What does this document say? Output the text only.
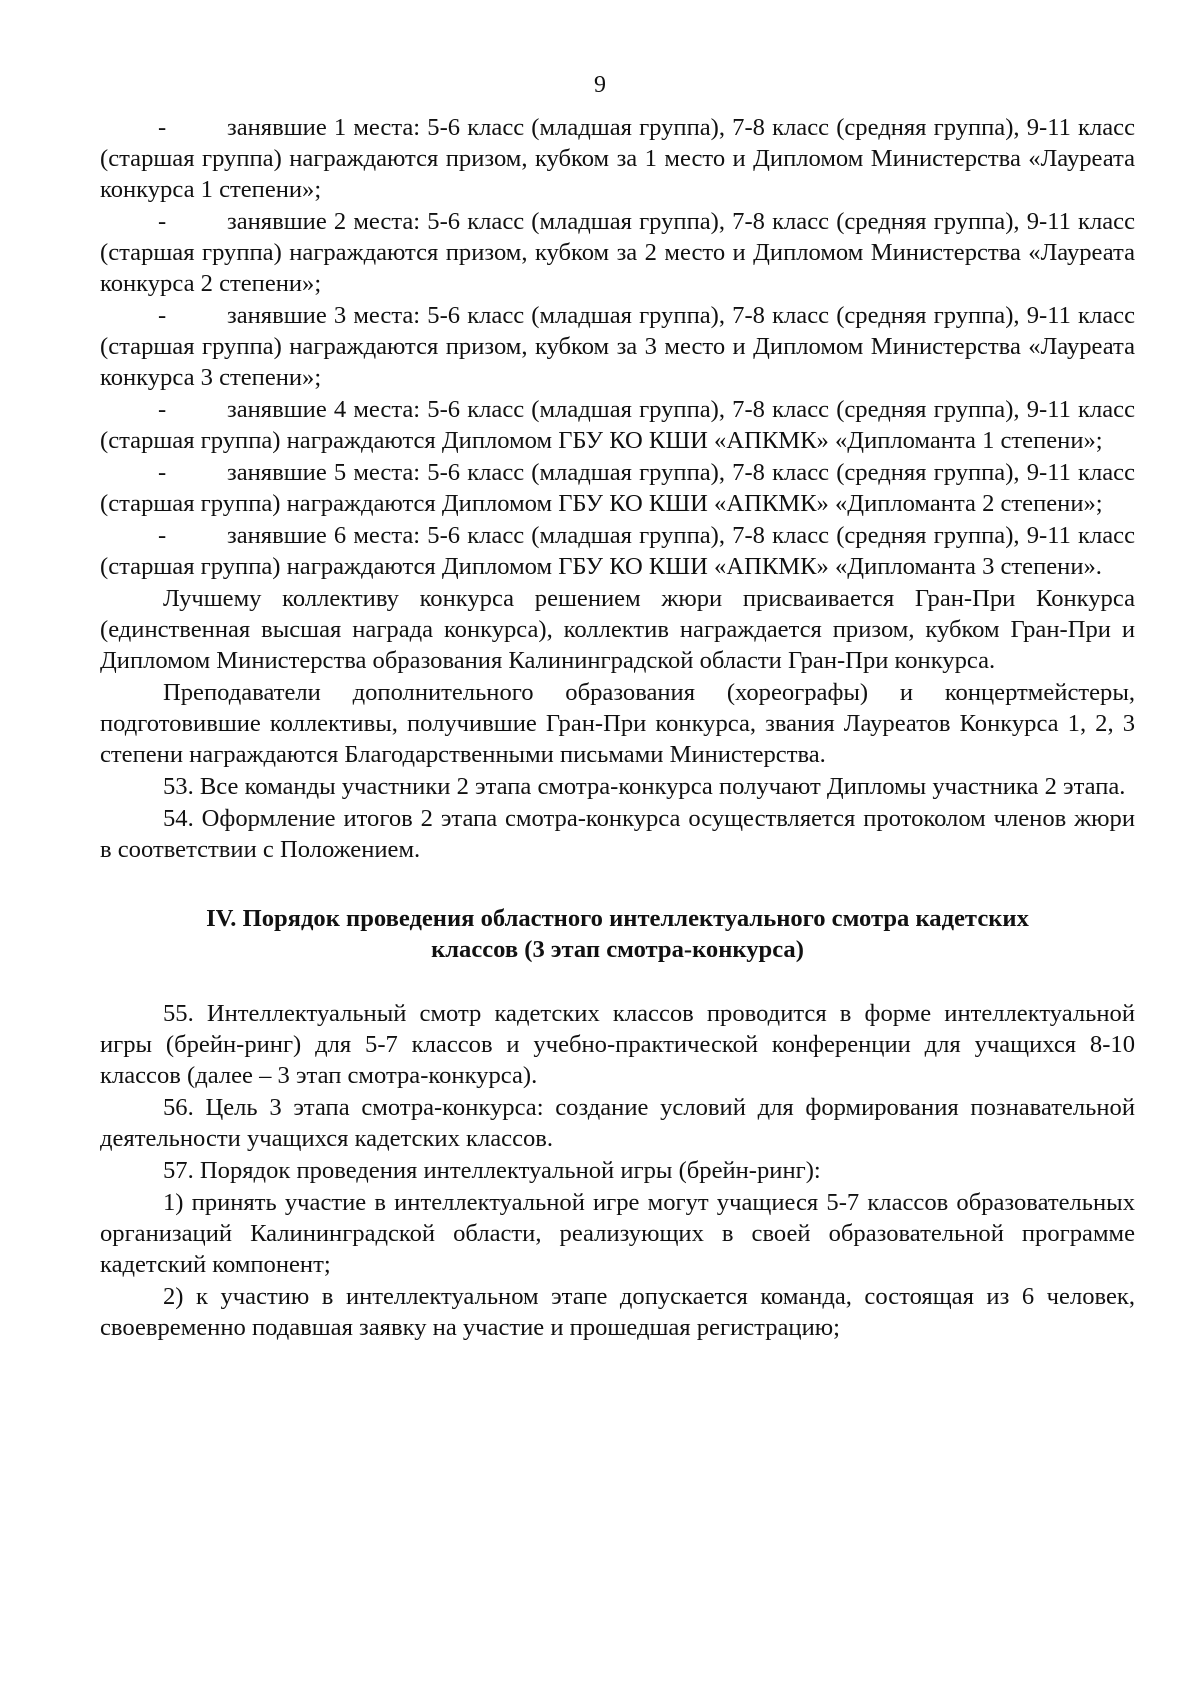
9

- занявшие 1 места: 5-6 класс (младшая группа), 7-8 класс (средняя группа), 9-11 класс (старшая группа) награждаются призом, кубком за 1 место и Дипломом Министерства «Лауреата конкурса 1 степени»;

- занявшие 2 места: 5-6 класс (младшая группа), 7-8 класс (средняя группа), 9-11 класс (старшая группа) награждаются призом, кубком за 2 место и Дипломом Министерства «Лауреата конкурса 2 степени»;

- занявшие 3 места: 5-6 класс (младшая группа), 7-8 класс (средняя группа), 9-11 класс (старшая группа) награждаются призом, кубком за 3 место и Дипломом Министерства «Лауреата конкурса 3 степени»;

- занявшие 4 места: 5-6 класс (младшая группа), 7-8 класс (средняя группа), 9-11 класс (старшая группа) награждаются Дипломом ГБУ КО КШИ «АПКМК» «Дипломанта 1 степени»;

- занявшие 5 места: 5-6 класс (младшая группа), 7-8 класс (средняя группа), 9-11 класс (старшая группа) награждаются Дипломом ГБУ КО КШИ «АПКМК» «Дипломанта 2 степени»;

- занявшие 6 места: 5-6 класс (младшая группа), 7-8 класс (средняя группа), 9-11 класс (старшая группа) награждаются Дипломом ГБУ КО КШИ «АПКМК» «Дипломанта 3 степени».

Лучшему коллективу конкурса решением жюри присваивается Гран-При Конкурса (единственная высшая награда конкурса), коллектив награждается призом, кубком Гран-При и Дипломом Министерства образования Калининградской области Гран-При конкурса.

Преподаватели дополнительного образования (хореографы) и концертмейстеры, подготовившие коллективы, получившие Гран-При конкурса, звания Лауреатов Конкурса 1, 2, 3 степени награждаются Благодарственными письмами Министерства.

53. Все команды участники 2 этапа смотра-конкурса получают Дипломы участника 2 этапа.

54. Оформление итогов 2 этапа смотра-конкурса осуществляется протоколом членов жюри в соответствии с Положением.

IV. Порядок проведения областного интеллектуального смотра кадетских
классов (3 этап смотра-конкурса)

55. Интеллектуальный смотр кадетских классов проводится в форме интеллектуальной игры (брейн-ринг) для 5-7 классов и учебно-практической конференции для учащихся 8-10 классов (далее – 3 этап смотра-конкурса).

56. Цель 3 этапа смотра-конкурса: создание условий для формирования познавательной деятельности учащихся кадетских классов.

57. Порядок проведения интеллектуальной игры (брейн-ринг):

1) принять участие в интеллектуальной игре могут учащиеся 5-7 классов образовательных организаций Калининградской области, реализующих в своей образовательной программе кадетский компонент;

2) к участию в интеллектуальном этапе допускается команда, состоящая из 6 человек, своевременно подавшая заявку на участие и прошедшая регистрацию;
